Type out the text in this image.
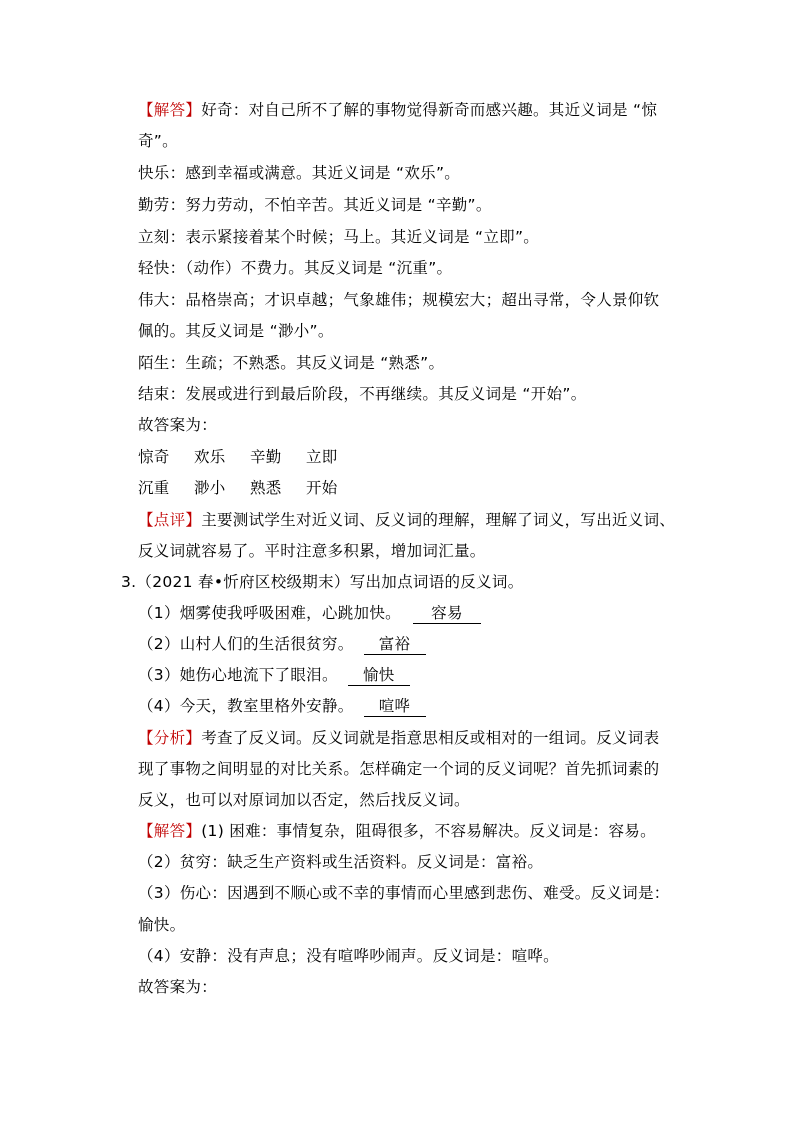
【解答】好奇：对自己所不了解的事物觉得新奇而感兴趣。其近义词是 “惊
奇”。
快乐：感到幸福或满意。其近义词是 “欢乐”。
勤劳：努力劳动，不怕辛苦。其近义词是 “辛勤”。
立刻：表示紧接着某个时候；马上。其近义词是 “立即”。
轻快：（动作）不费力。其反义词是 “沉重”。
伟大：品格崇高；才识卓越；气象雄伟；规模宏大；超出寻常，令人景仰钦
佩的。其反义词是 “渺小”。
陌生：生疏；不熟悉。其反义词是 “熟悉”。
结束：发展或进行到最后阶段，不再继续。其反义词是 “开始”。
故答案为：
惊奇 欢乐 辛勤 立即
沉重 渺小 熟悉 开始
【点评】主要测试学生对近义词、反义词的理解，理解了词义，写出近义词、
反义词就容易了。平时注意多积累，增加词汇量。
3.（2021 春•忻府区校级期末）写出加点词语的反义词。
（1）烟雾使我呼吸困难，心跳加快。 容易
（2）山村人们的生活很贫穷。 富裕
（3）她伤心地流下了眼泪。 愉快
（4）今天，教室里格外安静。 喧哗
【分析】考查了反义词。反义词就是指意思相反或相对的一组词。反义词表
现了事物之间明显的对比关系。怎样确定一个词的反义词呢？首先抓词素的
反义，也可以对原词加以否定，然后找反义词。
【解答】(1) 困难：事情复杂，阻碍很多，不容易解决。反义词是：容易。
（2）贫穷：缺乏生产资料或生活资料。反义词是：富裕。
（3）伤心：因遇到不顺心或不幸的事情而心里感到悲伤、难受。反义词是：
愉快。
（4）安静：没有声息；没有喧哗吵闹声。反义词是：喧哗。
故答案为：
